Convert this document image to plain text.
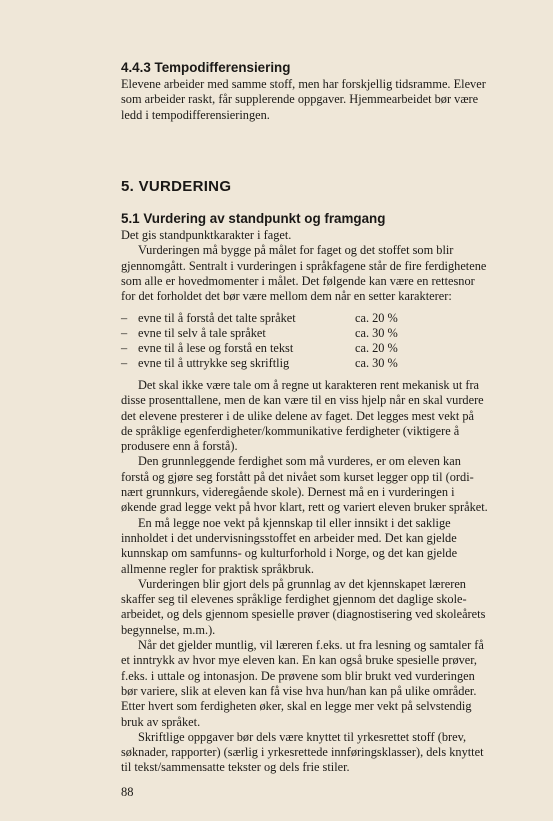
4.4.3 Tempodifferensiering
Elevene arbeider med samme stoff, men har forskjellig tidsramme. Elever
som arbeider raskt, får supplerende oppgaver. Hjemmearbeidet bør være
ledd i tempodifferensieringen.
5. VURDERING
5.1 Vurdering av standpunkt og framgang
Det gis standpunktkarakter i faget.
Vurderingen må bygge på målet for faget og det stoffet som blir
gjennomgått. Sentralt i vurderingen i språkfagene står de fire ferdighetene
som alle er hovedmomenter i målet. Det følgende kan være en rettesnor
for det forholdet det bør være mellom dem når en setter karakterer:
– evne til å forstå det talte språket	ca. 20 %
– evne til selv å tale språket	ca. 30 %
– evne til å lese og forstå en tekst	ca. 20 %
– evne til å uttrykke seg skriftlig	ca. 30 %
Det skal ikke være tale om å regne ut karakteren rent mekanisk ut fra
disse prosenttallene, men de kan være til en viss hjelp når en skal vurdere
det elevene presterer i de ulike delene av faget. Det legges mest vekt på
de språklige egenferdigheter/kommunikative ferdigheter (viktigere å
produsere enn å forstå).
Den grunnleggende ferdighet som må vurderes, er om eleven kan
forstå og gjøre seg forstått på det nivået som kurset legger opp til (ordi-
nært grunnkurs, videregående skole). Dernest må en i vurderingen i
økende grad legge vekt på hvor klart, rett og variert eleven bruker språket.
En må legge noe vekt på kjennskap til eller innsikt i det saklige
innholdet i det undervisningsstoffet en arbeider med. Det kan gjelde
kunnskap om samfunns- og kulturforhold i Norge, og det kan gjelde
allmenne regler for praktisk språkbruk.
Vurderingen blir gjort dels på grunnlag av det kjennskapet læreren
skaffer seg til elevenes språklige ferdighet gjennom det daglige skole-
arbeidet, og dels gjennom spesielle prøver (diagnostisering ved skoleårets
begynnelse, m.m.).
Når det gjelder muntlig, vil læreren f.eks. ut fra lesning og samtaler få
et inntrykk av hvor mye eleven kan. En kan også bruke spesielle prøver,
f.eks. i uttale og intonasjon. De prøvene som blir brukt ved vurderingen
bør variere, slik at eleven kan få vise hva hun/han kan på ulike områder.
Etter hvert som ferdigheten øker, skal en legge mer vekt på selvstendig
bruk av språket.
Skriftlige oppgaver bør dels være knyttet til yrkesrettet stoff (brev,
søknader, rapporter) (særlig i yrkesrettede innføringsklasser), dels knyttet
til tekst/sammensatte tekster og dels frie stiler.
88
